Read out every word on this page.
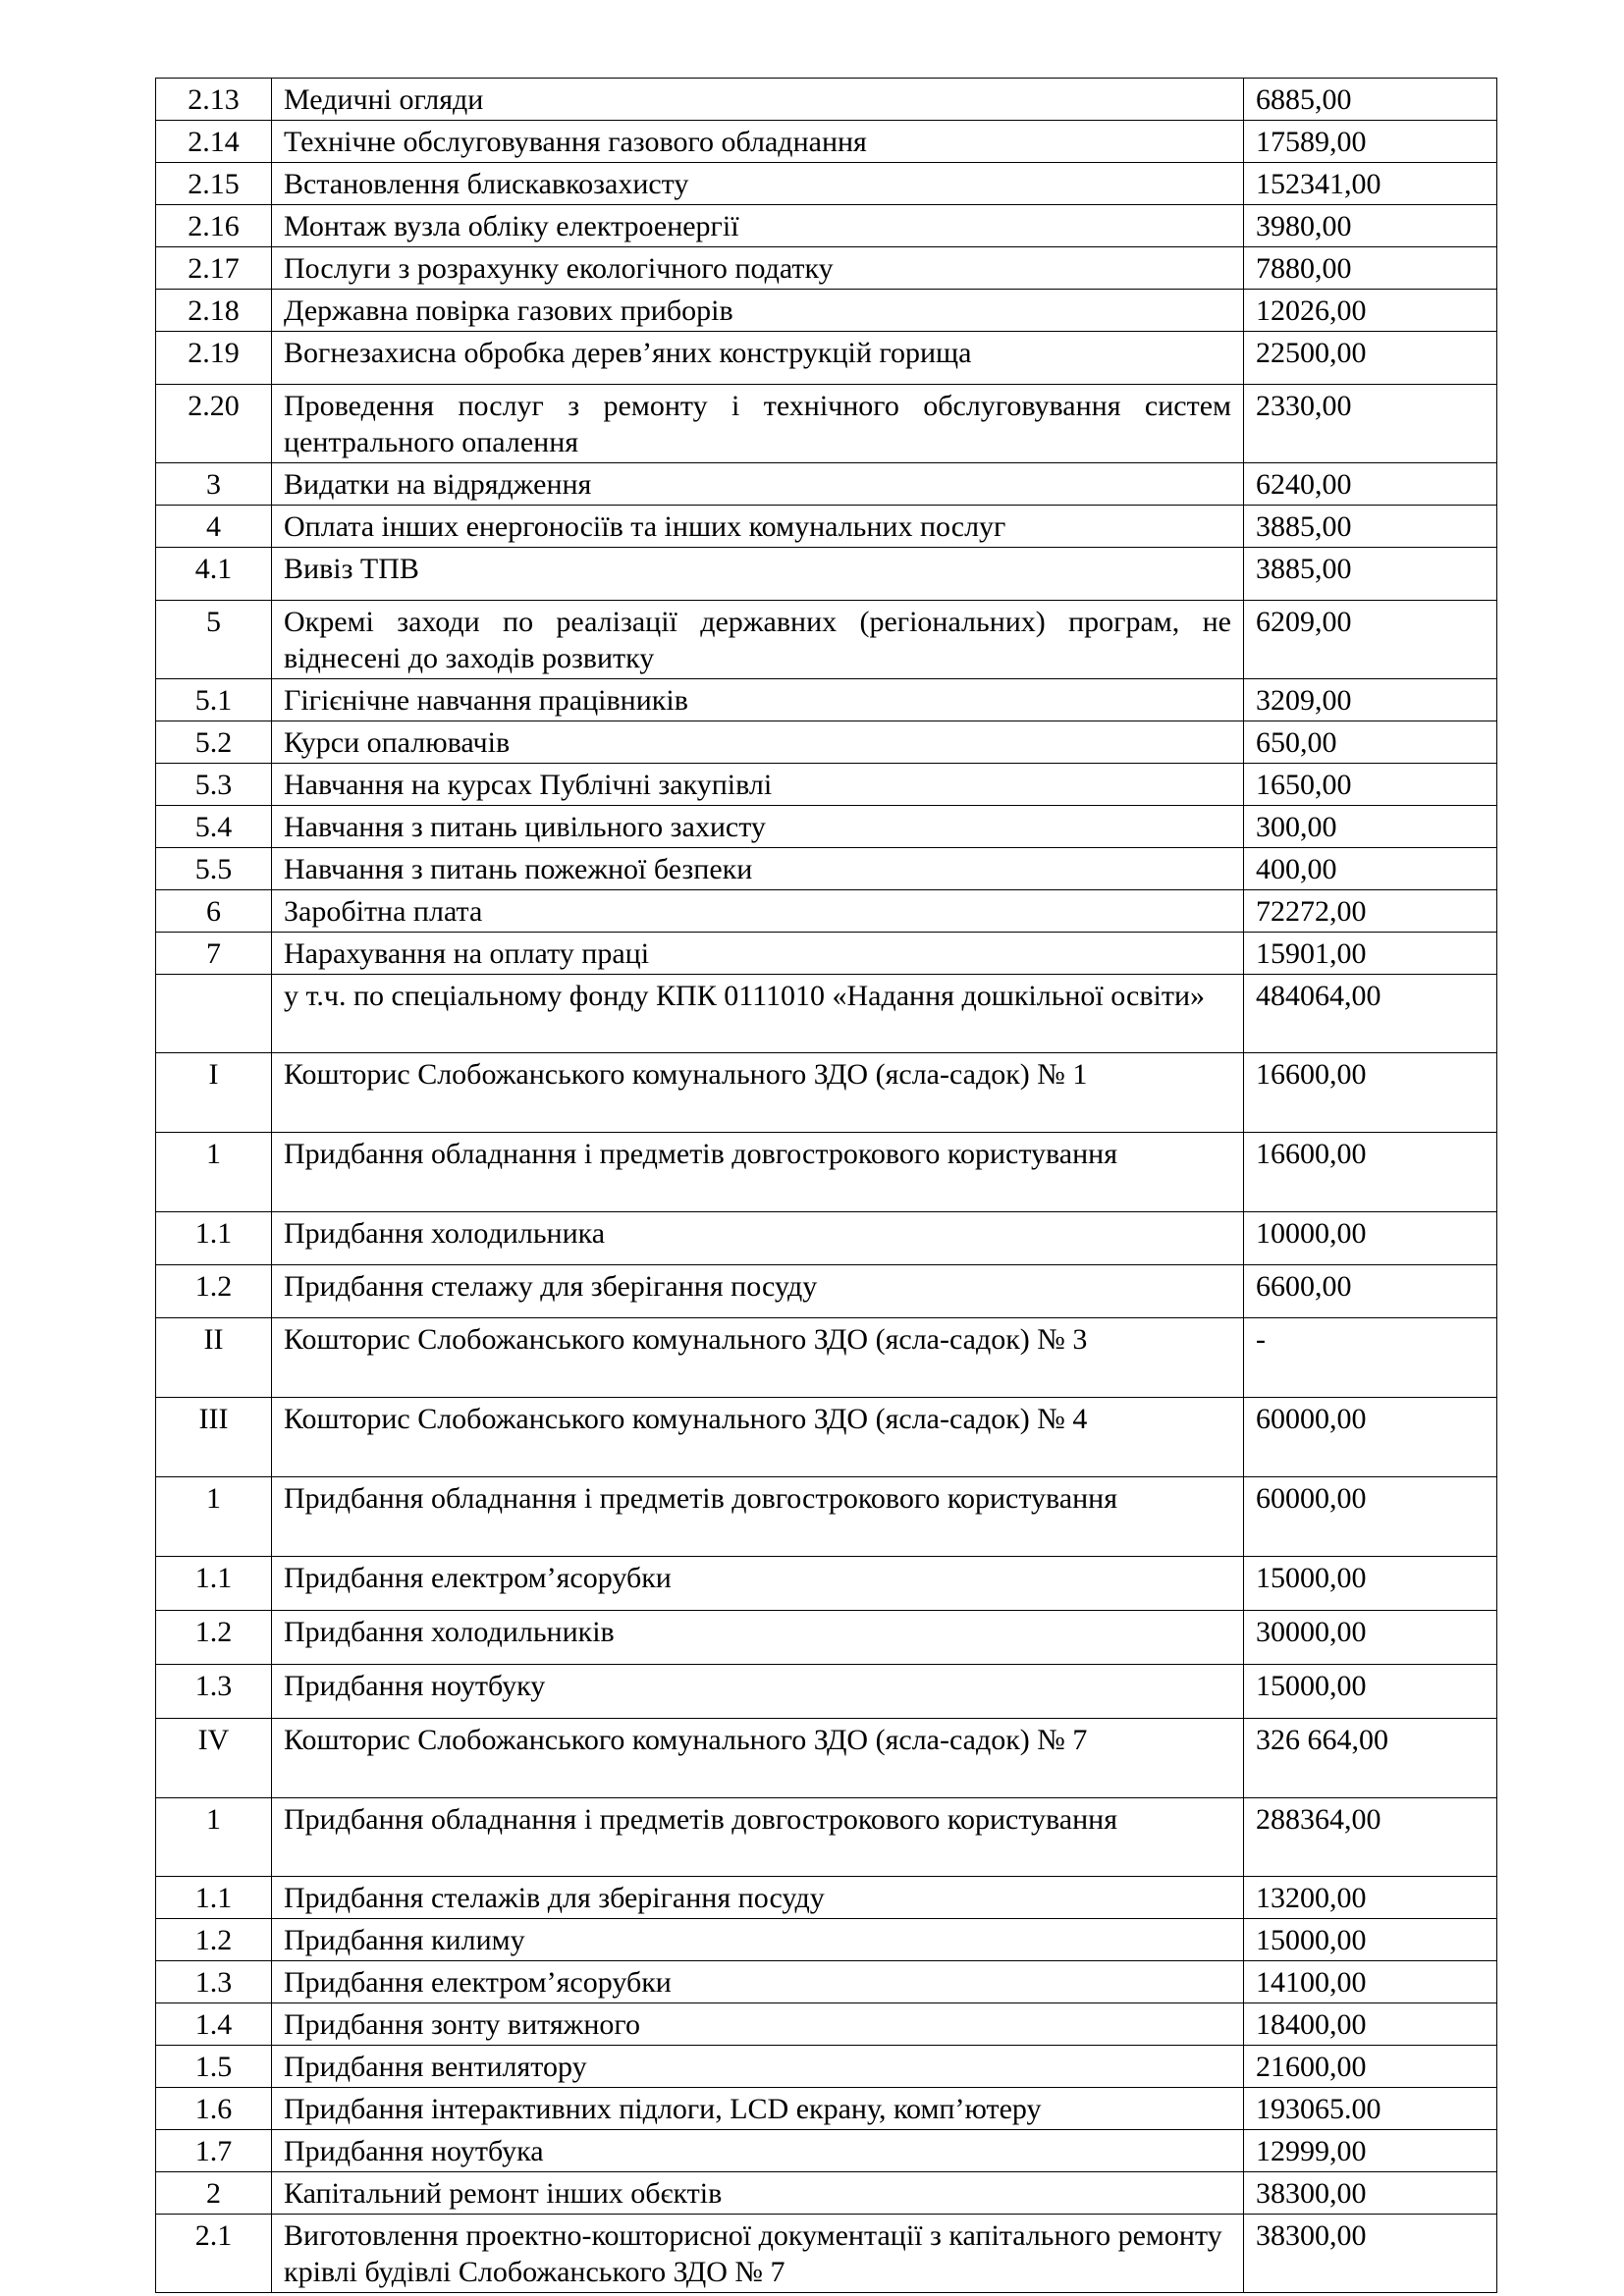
2.13	Медичні огляди	6885,00
2.14	Технічне обслуговування газового обладнання	17589,00
2.15	Встановлення блискавкозахисту	152341,00
2.16	Монтаж вузла обліку електроенергії	3980,00
2.17	Послуги з розрахунку екологічного податку	7880,00
2.18	Державна повірка газових приборів	12026,00
2.19	Вогнезахисна обробка дерев’яних конструкцій горища	22500,00
2.20	Проведення послуг з ремонту і технічного обслуговування систем центрального опалення	2330,00
3	Видатки на відрядження	6240,00
4	Оплата інших енергоносіїв та інших комунальних послуг	3885,00
4.1	Вивіз ТПВ	3885,00
5	Окремі заходи по реалізації державних (регіональних) програм, не віднесені до заходів розвитку	6209,00
5.1	Гігієнічне навчання працівників	3209,00
5.2	Курси опалювачів	650,00
5.3	Навчання на курсах Публічні закупівлі	1650,00
5.4	Навчання з питань цивільного захисту	300,00
5.5	Навчання з питань пожежної безпеки	400,00
6	Заробітна плата	72272,00
7	Нарахування на оплату праці	15901,00
	у т.ч. по спеціальному фонду КПК 0111010 «Надання дошкільної освіти»	484064,00
I	Кошторис Слобожанського комунального ЗДО (ясла-садок) № 1	16600,00
1	Придбання обладнання і предметів довгострокового користування	16600,00
1.1	Придбання холодильника	10000,00
1.2	Придбання стелажу для зберігання посуду	6600,00
II	Кошторис Слобожанського комунального ЗДО (ясла-садок) № 3	-
III	Кошторис Слобожанського комунального ЗДО (ясла-садок) № 4	60000,00
1	Придбання обладнання і предметів довгострокового користування	60000,00
1.1	Придбання електром’ясорубки	15000,00
1.2	Придбання холодильників	30000,00
1.3	Придбання ноутбуку	15000,00
IV	Кошторис Слобожанського комунального ЗДО (ясла-садок) № 7	326 664,00
1	Придбання обладнання і предметів довгострокового користування	288364,00
1.1	Придбання стелажів для зберігання посуду	13200,00
1.2	Придбання килиму	15000,00
1.3	Придбання електром’ясорубки	14100,00
1.4	Придбання зонту витяжного	18400,00
1.5	Придбання вентилятору	21600,00
1.6	Придбання інтерактивних підлоги, LCD екрану, комп’ютеру	193065.00
1.7	Придбання ноутбука	12999,00
2	Капітальний ремонт інших обєктів	38300,00
2.1	Виготовлення проектно-кошторисної документації з капітального ремонту крівлі будівлі Слобожанського ЗДО № 7	38300,00
